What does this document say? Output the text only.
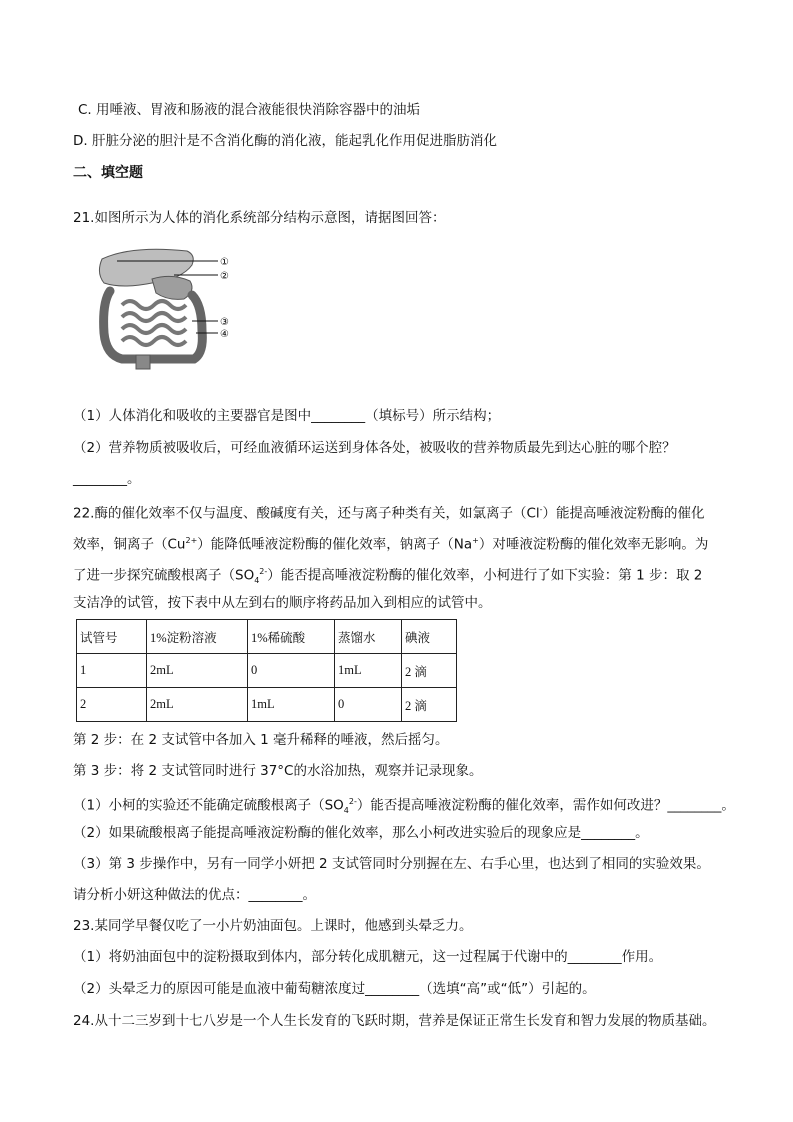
C. 用唾液、胃液和肠液的混合液能很快消除容器中的油垢
D. 肝脏分泌的胆汁是不含消化酶的消化液，能起乳化作用促进脂肪消化
二、填空题
21.如图所示为人体的消化系统部分结构示意图，请据图回答：
①
②
③
④
（1）人体消化和吸收的主要器官是图中________（填标号）所示结构；
（2）营养物质被吸收后，可经血液循环运送到身体各处，被吸收的营养物质最先到达心脏的哪个腔？
________。
22.酶的催化效率不仅与温度、酸碱度有关，还与离子种类有关，如氯离子（Cl-）能提高唾液淀粉酶的催化
效率，铜离子$(Cu^{2+})$能降低唾液淀粉酶的催化效率，钠离子（Na+）对唾液淀粉酶的催化效率无影响。为
了进一步探究硫酸根离子$(SO_4^{2-})$能否提高唾液淀粉酶的催化效率，小柯进行了如下实验：第 1 步：取 2
支洁净的试管，按下表中从左到右的顺序将药品加入到相应的试管中。
试管号	1%淀粉溶液	1%稀硫酸	蒸馏水	碘液
1	2mL	0	1mL	2 滴
2	2mL	1mL	0	2 滴
第 2 步：在 2 支试管中各加入 1 毫升稀释的唾液，然后摇匀。
第 3 步：将 2 支试管同时进行 37°C的水浴加热，观察并记录现象。
（1）小柯的实验还不能确定硫酸根离子$(SO_4^{2-})$能否提高唾液淀粉酶的催化效率，需作如何改进？________。
（2）如果硫酸根离子能提高唾液淀粉酶的催化效率，那么小柯改进实验后的现象应是________。
（3）第 3 步操作中，另有一同学小妍把 2 支试管同时分别握在左、右手心里，也达到了相同的实验效果。
请分析小妍这种做法的优点：________。
23.某同学早餐仅吃了一小片奶油面包。上课时，他感到头晕乏力。
（1）将奶油面包中的淀粉摄取到体内，部分转化成肌糖元，这一过程属于代谢中的________作用。
（2）头晕乏力的原因可能是血液中葡萄糖浓度过________（选填“高”或“低”）引起的。
24.从十二三岁到十七八岁是一个人生长发育的飞跃时期，营养是保证正常生长发育和智力发展的物质基础。
